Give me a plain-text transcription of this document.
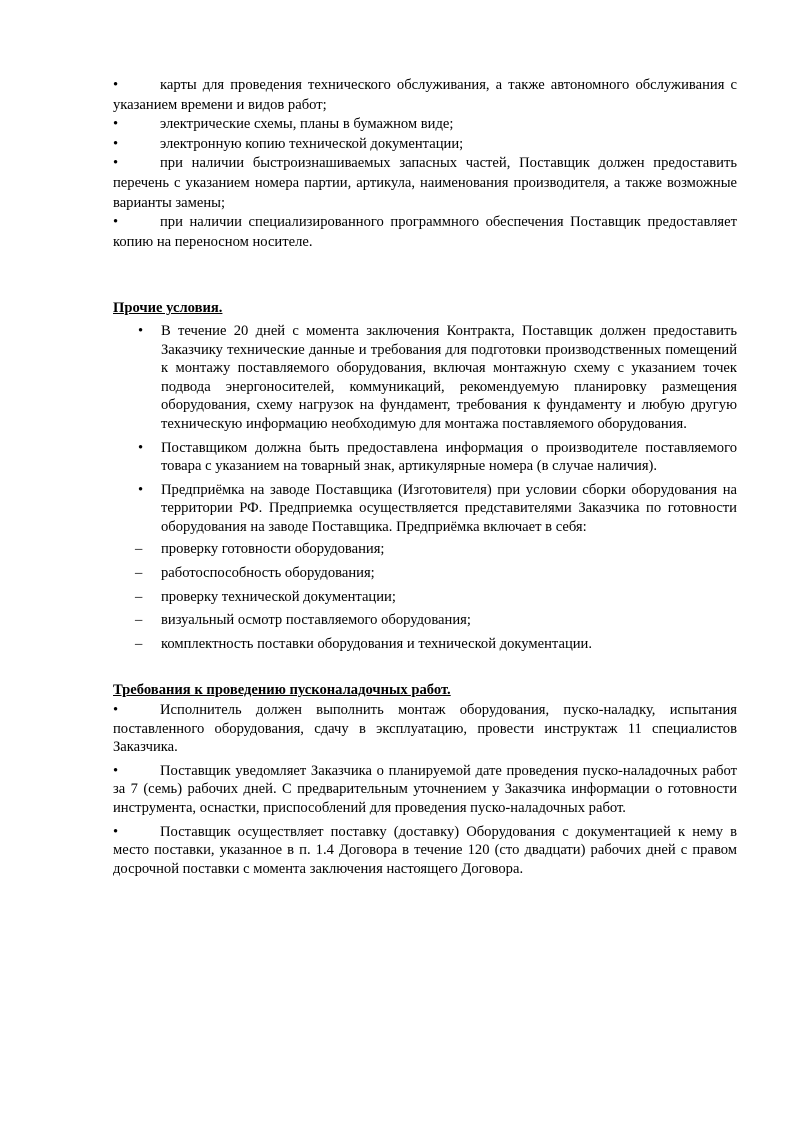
•	карты для проведения технического обслуживания, а также автономного обслуживания с указанием времени и видов работ;

•	электрические схемы, планы в бумажном виде;

•	электронную копию технической документации;

•	при наличии быстроизнашиваемых запасных частей, Поставщик должен предоставить перечень с указанием номера партии, артикула, наименования производителя, а также возможные варианты замены;

•	при наличии специализированного программного обеспечения Поставщик предоставляет копию на переносном носителе.

Прочие условия.

• В течение 20 дней с момента заключения Контракта, Поставщик должен предоставить Заказчику технические данные и требования для подготовки производственных помещений к монтажу поставляемого оборудования, включая монтажную схему с указанием точек подвода энергоносителей, коммуникаций, рекомендуемую планировку размещения оборудования, схему нагрузок на фундамент, требования к фундаменту и любую другую техническую информацию необходимую для монтажа поставляемого оборудования.

• Поставщиком должна быть предоставлена информация о производителе поставляемого товара с указанием на товарный знак, артикулярные номера (в случае наличия).

• Предприёмка на заводе Поставщика (Изготовителя) при условии сборки оборудования на территории РФ. Предприемка осуществляется представителями Заказчика по готовности оборудования на заводе Поставщика. Предприёмка включает в себя:

– проверку готовности оборудования;

– работоспособность оборудования;

– проверку технической документации;

– визуальный осмотр поставляемого оборудования;

– комплектность поставки оборудования и технической документации.

Требования к проведению пусконаладочных работ.

•	Исполнитель должен выполнить монтаж оборудования, пуско-наладку, испытания поставленного оборудования, сдачу в эксплуатацию, провести инструктаж 11 специалистов Заказчика.

•	Поставщик уведомляет Заказчика о планируемой дате проведения пуско-наладочных работ за 7 (семь) рабочих дней. С предварительным уточнением у Заказчика информации о готовности инструмента, оснастки, приспособлений для проведения пуско-наладочных работ.

•	Поставщик осуществляет поставку (доставку) Оборудования с документацией к нему в место поставки, указанное в п. 1.4 Договора в течение 120 (сто двадцати) рабочих дней с правом досрочной поставки с момента заключения настоящего Договора.
